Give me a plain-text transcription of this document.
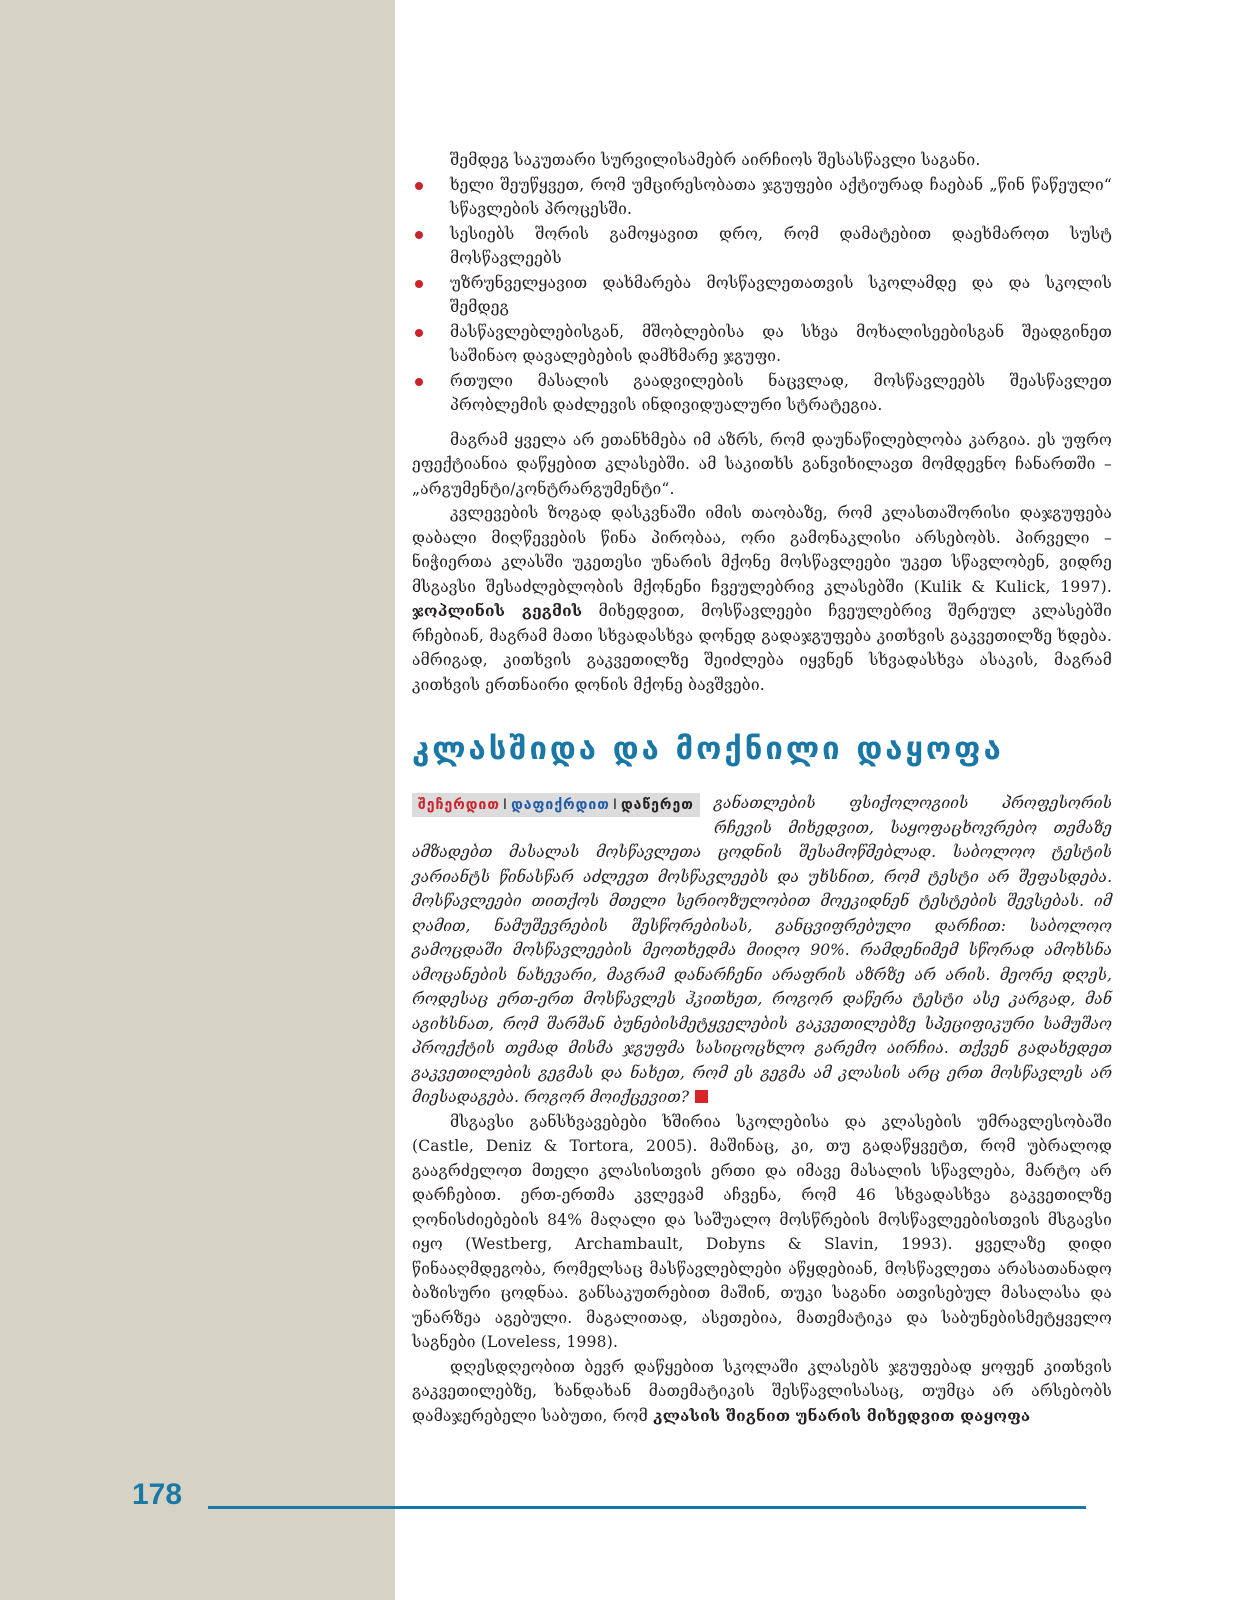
შემდეგ საკუთარი სურვილისამებრ აირჩიოს შესასწავლი საგანი.

ხელი შეუწყვეთ, რომ უმცირესობათა ჯგუფები აქტიურად ჩაებან „წინ წაწეული“ სწავლების პროცესში.
სესიებს შორის გამოყავით დრო, რომ დამატებით დაეხმაროთ სუსტ მოსწავლეებს
უზრუნველყავით დახმარება მოსწავლეთათვის სკოლამდე და და სკოლის შემდეგ
მასწავლებლებისგან, მშობლებისა და სხვა მოხალისეებისგან შეადგინეთ საშინაო დავალებების დამხმარე ჯგუფი.
რთული მასალის გაადვილების ნაცვლად, მოსწავლეებს შეასწავლეთ პრობლემის დაძლევის ინდივიდუალური სტრატეგია.

მაგრამ ყველა არ ეთანხმება იმ აზრს, რომ დაუნაწილებლობა კარგია. ეს უფრო ეფექტიანია დაწყებით კლასებში. ამ საკითხს განვიხილავთ მომდევნო ჩანართში – „არგუმენტი/კონტრარგუმენტი“.

კვლევების ზოგად დასკვნაში იმის თაობაზე, რომ კლასთაშორისი დაჯგუფება დაბალი მიღწევების წინა პირობაა, ორი გამონაკლისი არსებობს. პირველი – ნიჭიერთა კლასში უკეთესი უნარის მქონე მოსწავლეები უკეთ სწავლობენ, ვიდრე მსგავსი შესაძლებლობის მქონენი ჩვეულებრივ კლასებში (Kulik & Kulick, 1997). ჯოპლინის გეგმის მიხედვით, მოსწავლეები ჩვეულებრივ შერეულ კლასებში რჩებიან, მაგრამ მათი სხვადასხვა დონედ გადაჯგუფება კითხვის გაკვეთილზე ხდება. ამრიგად, კითხვის გაკვეთილზე შეიძლება იყვნენ სხვადასხვა ასაკის, მაგრამ კითხვის ერთნაირი დონის მქონე ბავშვები.

კლასშიდა და მოქნილი დაყოფა
შეჩერდით I დაფიქრდით I დაწერეთ	განათლების ფსიქოლოგიის პროფესორის რჩევის მიხედვით, საყოფაცხოვრებო თემაზე ამზადებთ მასალას მოსწავლეთა ცოდნის შესამოწმებლად. საბოლოო ტესტის ვარიანტს წინასწარ აძლევთ მოსწავლეებს და უხსნით, რომ ტესტი არ შეფასდება. მოსწავლეები თითქოს მთელი სერიოზულობით მოეკიდნენ ტესტების შევსებას. იმ ღამით, ნამუშევრების შესწორებისას, განცვიფრებული დარჩით: საბოლოო გამოცდაში მოსწავლეების მეოთხედმა მიიღო 90%. რამდენიმემ სწორად ამოხსნა ამოცანების ნახევარი, მაგრამ დანარჩენი არაფრის აზრზე არ არის. მეორე დღეს, როდესაც ერთ-ერთ მოსწავლეს ჰკითხეთ, როგორ დაწერა ტესტი ასე კარგად, მან აგიხსნათ, რომ შარშან ბუნებისმეტყველების გაკვეთილებზე სპეციფიკური სამუშაო პროექტის თემად მისმა ჯგუფმა სასიცოცხლო გარემო აირჩია. თქვენ გადახედეთ გაკვეთილების გეგმას და ნახეთ, რომ ეს გეგმა ამ კლასის არც ერთ მოსწავლეს არ მიესადაგება. როგორ მოიქცევით?

მსგავსი განსხვავებები ხშირია სკოლებისა და კლასების უმრავლესობაში (Castle, Deniz & Tortora, 2005). მაშინაც, კი, თუ გადაწყვეტთ, რომ უბრალოდ გააგრძელოთ მთელი კლასისთვის ერთი და იმავე მასალის სწავლება, მარტო არ დარჩებით. ერთ-ერთმა კვლევამ აჩვენა, რომ 46 სხვადასხვა გაკვეთილზე ღონისძიებების 84% მაღალი და საშუალო მოსწრების მოსწავლეებისთვის მსგავსი იყო (Westberg, Archambault, Dobyns & Slavin, 1993). ყველაზე დიდი წინააღმდეგობა, რომელსაც მასწავლებლები აწყდებიან, მოსწავლეთა არასათანადო ბაზისური ცოდნაა. განსაკუთრებით მაშინ, თუკი საგანი ათვისებულ მასალასა და უნარზეა აგებული. მაგალითად, ასეთებია, მათემატიკა და საბუნებისმეტყველო საგნები (Loveless, 1998).

დღესდღეობით ბევრ დაწყებით სკოლაში კლასებს ჯგუფებად ყოფენ კითხვის გაკვეთილებზე, ხანდახან მათემატიკის შესწავლისასაც, თუმცა არ არსებობს დამაჯერებელი საბუთი, რომ კლასის შიგნით უნარის მიხედვით დაყოფა

178
